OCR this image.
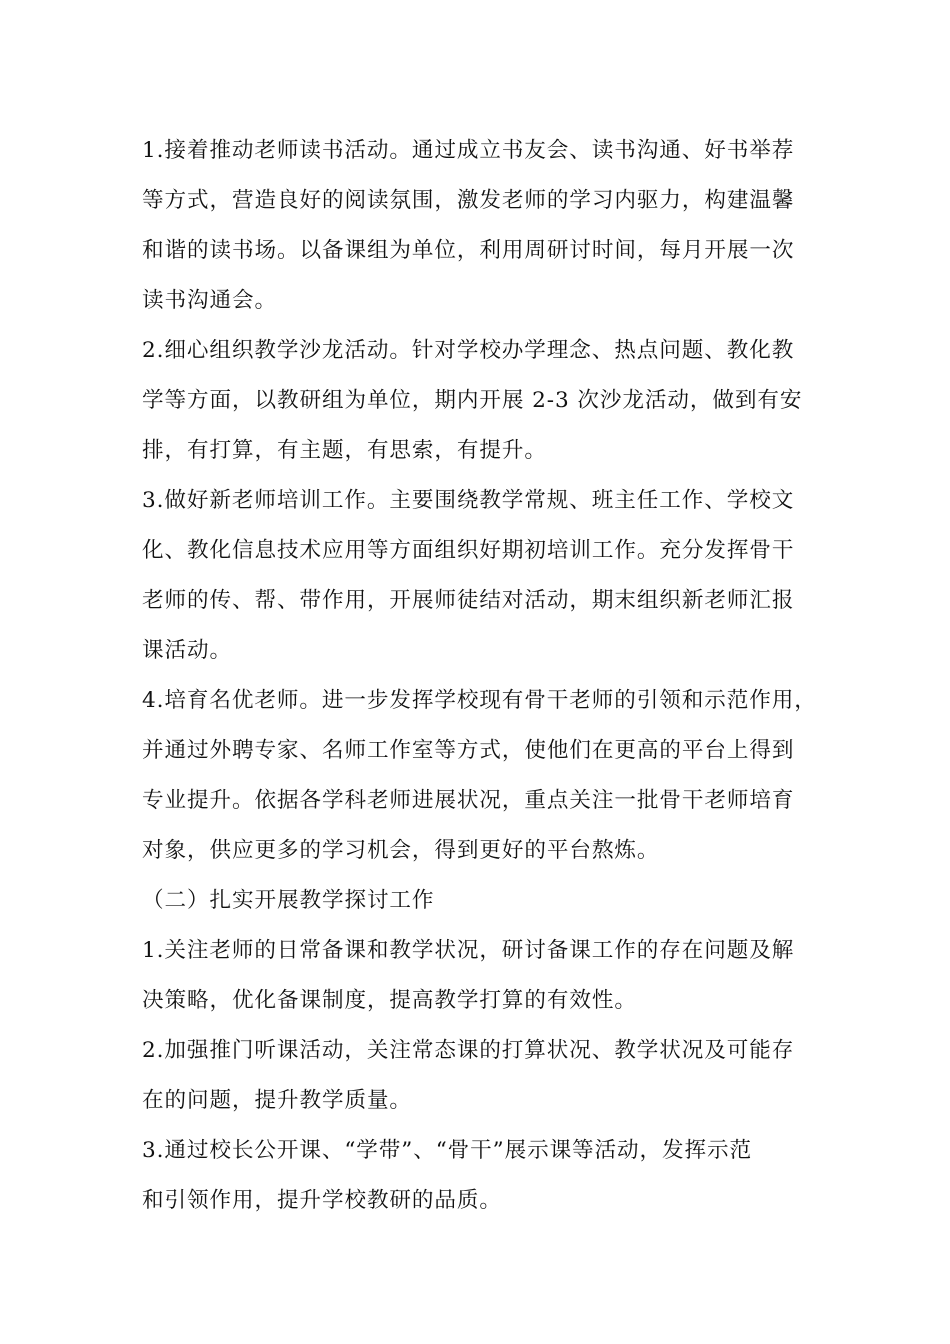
1.接着推动老师读书活动。通过成立书友会、读书沟通、好书举荐
等方式，营造良好的阅读氛围，激发老师的学习内驱力，构建温馨
和谐的读书场。以备课组为单位，利用周研讨时间，每月开展一次
读书沟通会。
2.细心组织教学沙龙活动。针对学校办学理念、热点问题、教化教
学等方面，以教研组为单位，期内开展 2-3 次沙龙活动，做到有安
排，有打算，有主题，有思索，有提升。
3.做好新老师培训工作。主要围绕教学常规、班主任工作、学校文
化、教化信息技术应用等方面组织好期初培训工作。充分发挥骨干
老师的传、帮、带作用，开展师徒结对活动，期末组织新老师汇报
课活动。
4.培育名优老师。进一步发挥学校现有骨干老师的引领和示范作用，
并通过外聘专家、名师工作室等方式，使他们在更高的平台上得到
专业提升。依据各学科老师进展状况，重点关注一批骨干老师培育
对象，供应更多的学习机会，得到更好的平台熬炼。
（二）扎实开展教学探讨工作
1.关注老师的日常备课和教学状况，研讨备课工作的存在问题及解
决策略，优化备课制度，提高教学打算的有效性。
2.加强推门听课活动，关注常态课的打算状况、教学状况及可能存
在的问题，提升教学质量。
3.通过校长公开课、“学带”、“骨干”展示课等活动，发挥示范
和引领作用，提升学校教研的品质。
